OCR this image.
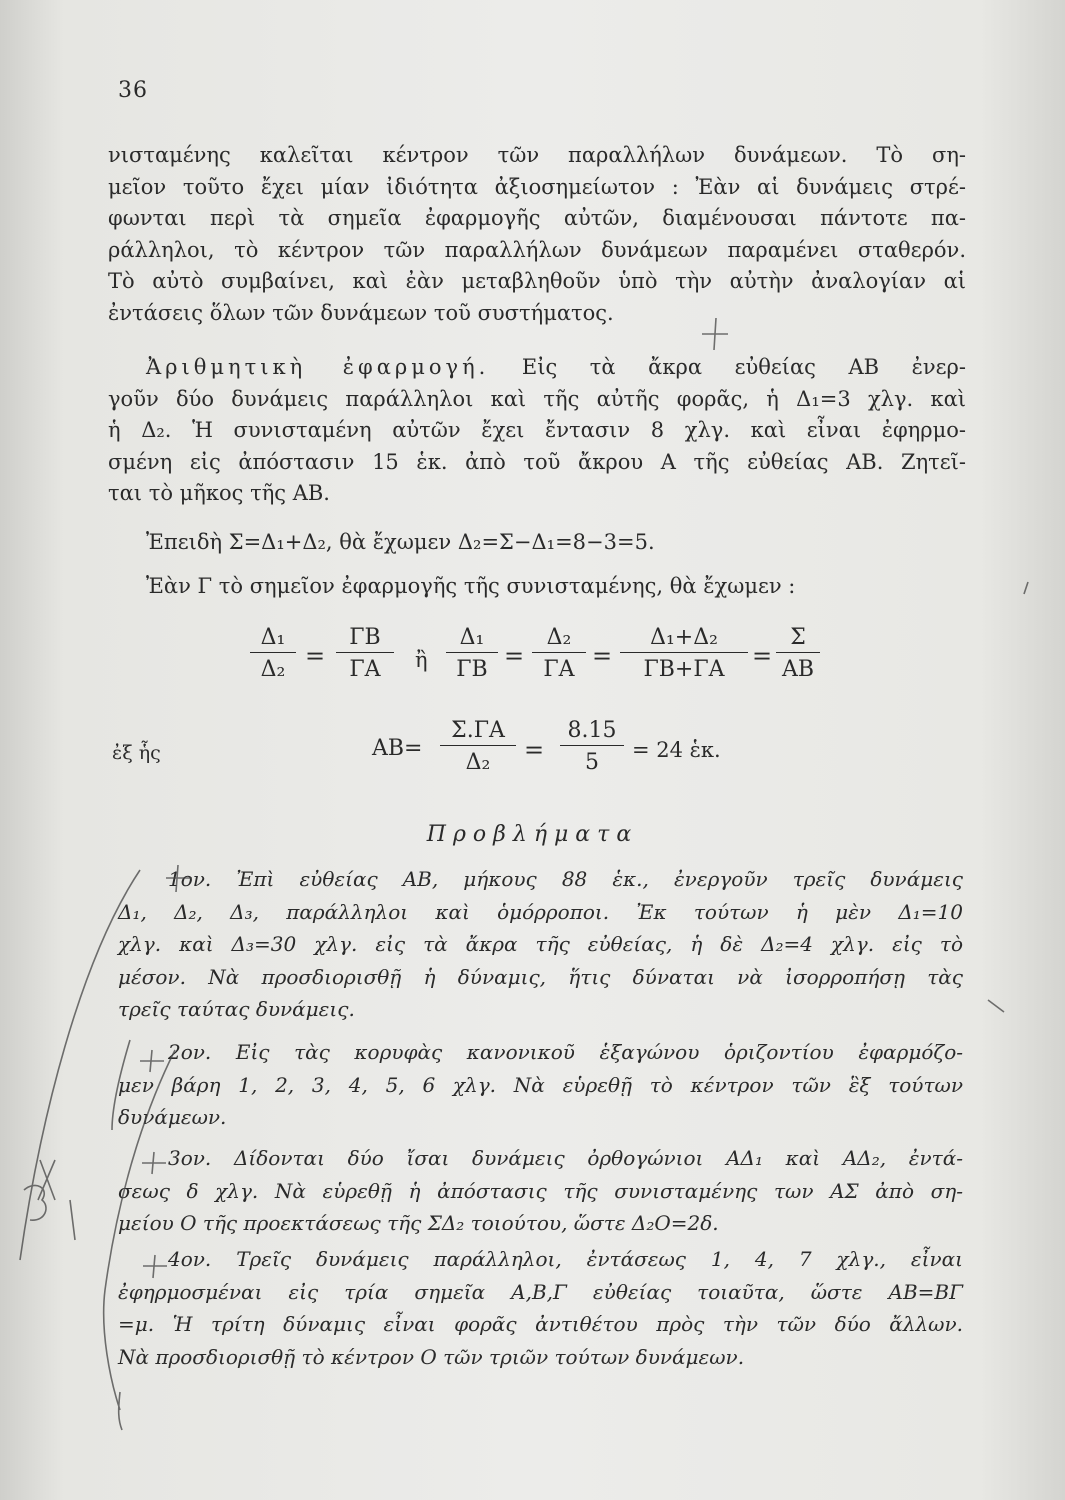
36
νισταμένης καλεῖται κέντρον τῶν παραλλήλων δυνάμεων. Τὸ ση-
μεῖον τοῦτο ἔχει μίαν ἰδιότητα ἀξιοσημείωτον : Ἐὰν αἱ δυνάμεις στρέ-
φωνται περὶ τὰ σημεῖα ἐφαρμογῆς αὐτῶν, διαμένουσαι πάντοτε πα-
ράλληλοι, τὸ κέντρον τῶν παραλλήλων δυνάμεων παραμένει σταθερόν.
Τὸ αὐτὸ συμβαίνει, καὶ ἐὰν μεταβληθοῦν ὑπὸ τὴν αὐτὴν ἀναλογίαν αἱ
ἐντάσεις ὅλων τῶν δυνάμεων τοῦ συστήματος.
Ἀριθμητικὴ ἐφαρμογή. Εἰς τὰ ἄκρα εὐθείας ΑΒ ἐνερ-
γοῦν δύο δυνάμεις παράλληλοι καὶ τῆς αὐτῆς φορᾶς, ἡ Δ₁=3 χλγ. καὶ
ἡ Δ₂. Ἡ συνισταμένη αὐτῶν ἔχει ἔντασιν 8 χλγ. καὶ εἶναι ἐφηρμο-
σμένη εἰς ἀπόστασιν 15 ἑκ. ἀπὸ τοῦ ἄκρου Α τῆς εὐθείας ΑΒ. Ζητεῖ-
ται τὸ μῆκος τῆς ΑΒ.
Ἐπειδὴ Σ=Δ₁+Δ₂, θὰ ἔχωμεν Δ₂=Σ−Δ₁=8−3=5.
Ἐὰν Γ τὸ σημεῖον ἐφαρμογῆς τῆς συνισταμένης, θὰ ἔχωμεν :
$\frac{\text{Δ₁}}{\text{Δ₂}} = \frac{\Gamma B}{\Gamma A}$ ἢ $\frac{\text{Δ₁}}{\Gamma B} = \frac{\text{Δ₂}}{\Gamma A} = \frac{\text{Δ₁+Δ₂}}{\Gamma B+\Gamma A} = \frac{\Sigma}{AB}$
ἐξ ἧς	$AB= \frac{\Sigma.\Gamma A}{\text{Δ₂}} = \frac{8.15}{5} = 24$ ἑκ.
Προβλήματα
1ον. Ἐπὶ εὐθείας ΑΒ, μήκους 88 ἑκ., ἐνεργοῦν τρεῖς δυνάμεις
Δ₁, Δ₂, Δ₃, παράλληλοι καὶ ὁμόρροποι. Ἐκ τούτων ἡ μὲν Δ₁=10
χλγ. καὶ Δ₃=30 χλγ. εἰς τὰ ἄκρα τῆς εὐθείας, ἡ δὲ Δ₂=4 χλγ. εἰς τὸ
μέσον. Νὰ προσδιορισθῇ ἡ δύναμις, ἥτις δύναται νὰ ἰσορροπήσῃ τὰς
τρεῖς ταύτας δυνάμεις.
2ον. Εἰς τὰς κορυφὰς κανονικοῦ ἑξαγώνου ὁριζοντίου ἐφαρμόζο-
μεν βάρη 1, 2, 3, 4, 5, 6 χλγ. Νὰ εὑρεθῇ τὸ κέντρον τῶν ἓξ τούτων
δυνάμεων.
3ον. Δίδονται δύο ἴσαι δυνάμεις ὀρθογώνιοι ΑΔ₁ καὶ ΑΔ₂, ἐντά-
σεως δ χλγ. Νὰ εὑρεθῇ ἡ ἀπόστασις τῆς συνισταμένης των ΑΣ ἀπὸ ση-
μείου Ο τῆς προεκτάσεως τῆς ΣΔ₂ τοιούτου, ὥστε Δ₂Ο=2δ.
4ον. Τρεῖς δυνάμεις παράλληλοι, ἐντάσεως 1, 4, 7 χλγ., εἶναι
ἐφηρμοσμέναι εἰς τρία σημεῖα Α,Β,Γ εὐθείας τοιαῦτα, ὥστε ΑΒ=ΒΓ
=μ. Ἡ τρίτη δύναμις εἶναι φορᾶς ἀντιθέτου πρὸς τὴν τῶν δύο ἄλλων.
Νὰ προσδιορισθῇ τὸ κέντρον Ο τῶν τριῶν τούτων δυνάμεων.
